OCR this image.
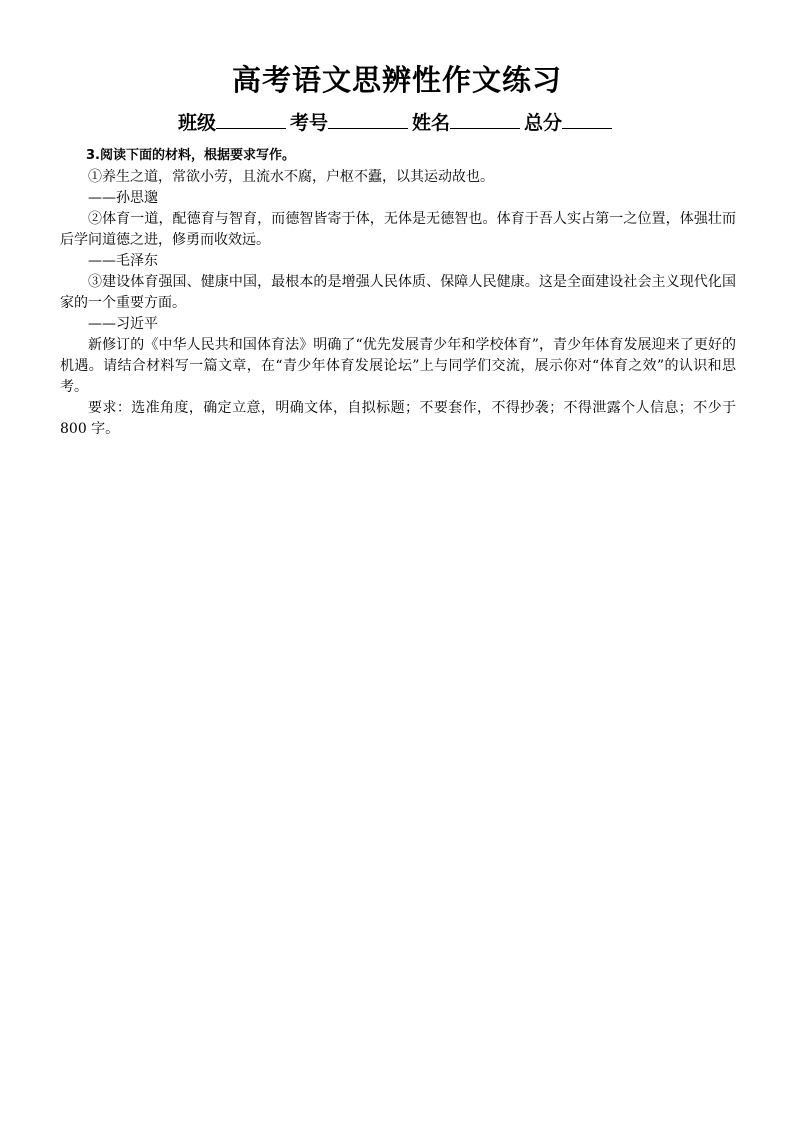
高考语文思辨性作文练习
班级	考号	姓名	总分

3.阅读下面的材料，根据要求写作。

①养生之道，常欲小劳，且流水不腐，户枢不蠹，以其运动故也。

——孙思邈

②体育一道，配德育与智育，而德智皆寄于体，无体是无德智也。体育于吾人实占第一之位置，体强壮而后学问道德之进，修勇而收效远。

——毛泽东

③建设体育强国、健康中国，最根本的是增强人民体质、保障人民健康。这是全面建设社会主义现代化国家的一个重要方面。

——习近平

新修订的《中华人民共和国体育法》明确了“优先发展青少年和学校体育”，青少年体育发展迎来了更好的机遇。请结合材料写一篇文章，在“青少年体育发展论坛”上与同学们交流，展示你对“体育之效”的认识和思考。

要求：选准角度，确定立意，明确文体，自拟标题；不要套作，不得抄袭；不得泄露个人信息；不少于 800 字。
